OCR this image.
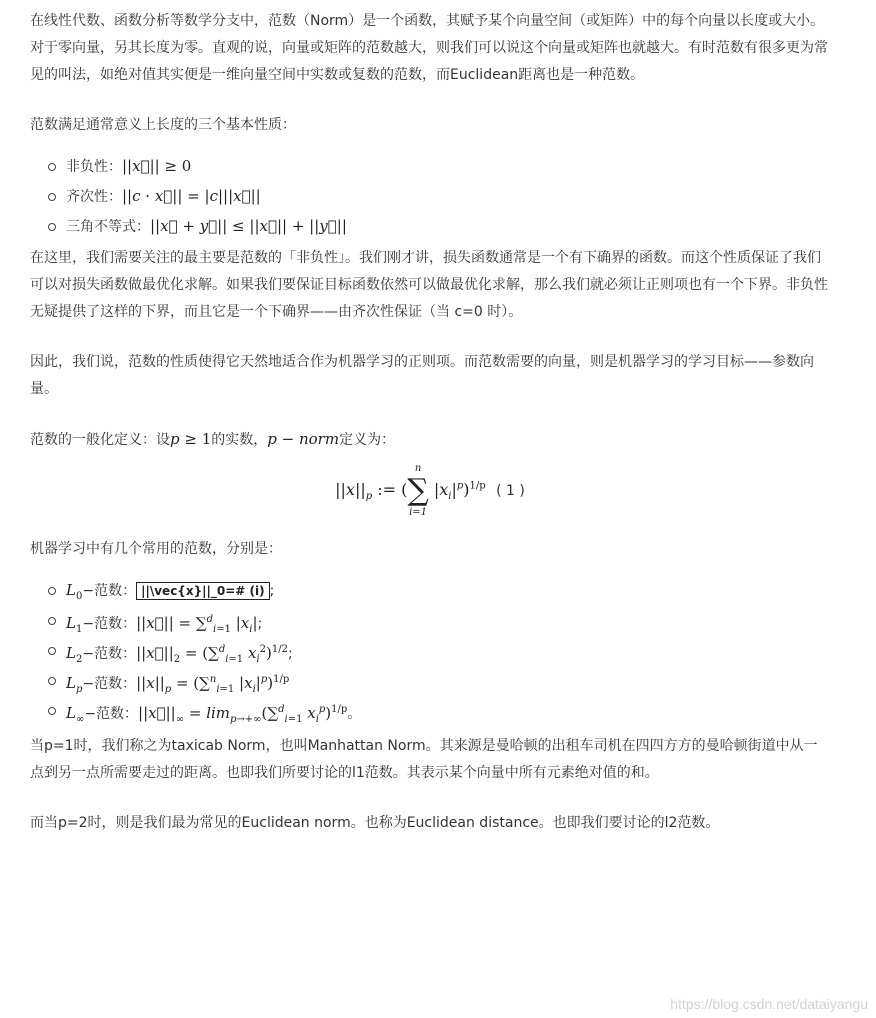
在线性代数、函数分析等数学分支中，范数（Norm）是一个函数，其赋予某个向量空间（或矩阵）中的每个向量以长度或大小。对于零向量，另其长度为零。直观的说，向量或矩阵的范数越大，则我们可以说这个向量或矩阵也就越大。有时范数有很多更为常见的叫法，如绝对值其实便是一维向量空间中实数或复数的范数，而Euclidean距离也是一种范数。

范数满足通常意义上长度的三个基本性质：

非负性：||x⃗|| ≥ 0
齐次性：||c · x⃗|| = |c|||x⃗||
三角不等式：||x⃗ + y⃗|| ≤ ||x⃗|| + ||y⃗||

在这里，我们需要关注的最主要是范数的「非负性」。我们刚才讲，损失函数通常是一个有下确界的函数。而这个性质保证了我们可以对损失函数做最优化求解。如果我们要保证目标函数依然可以做最优化求解，那么我们就必须让正则项也有一个下界。非负性无疑提供了这样的下界，而且它是一个下确界——由齐次性保证（当 c=0 时）。

因此，我们说，范数的性质使得它天然地适合作为机器学习的正则项。而范数需要的向量，则是机器学习的学习目标——参数向量。

范数的一般化定义：设p ≥ 1的实数，p − norm定义为：

$||x||_p$ := (
n
∑
i=1
$|x_i|^p)^{1/p}$ ( 1 )

机器学习中有几个常用的范数，分别是：

$L_0-$范数： ||\vec{x}||_0=# (i) ;
$L_1-$范数：||x⃗|| = ∑$^d_{i=1}$ $|x_i|$;
$L_2-$范数：$||x⃗||_2 = (\sum^d_{i=1}$ $x_i^2)^{1/2}$;
$L_p-$范数：$||x||_p = (\sum^n_{i=1}$ $|x_i|^p)^{1/p}$
$L_\infty-$范数：$||x⃗||_\infty = \lim_{p\to+\infty}(\sum^d_{i=1}$ $x_i^p)^{1/p}$。

当p=1时，我们称之为taxicab Norm，也叫Manhattan Norm。其来源是曼哈顿的出租车司机在四四方方的曼哈顿街道中从一点到另一点所需要走过的距离。也即我们所要讨论的l1范数。其表示某个向量中所有元素绝对值的和。

而当p=2时，则是我们最为常见的Euclidean norm。也称为Euclidean distance。也即我们要讨论的l2范数。

https://blog.csdn.net/dataiyangu
